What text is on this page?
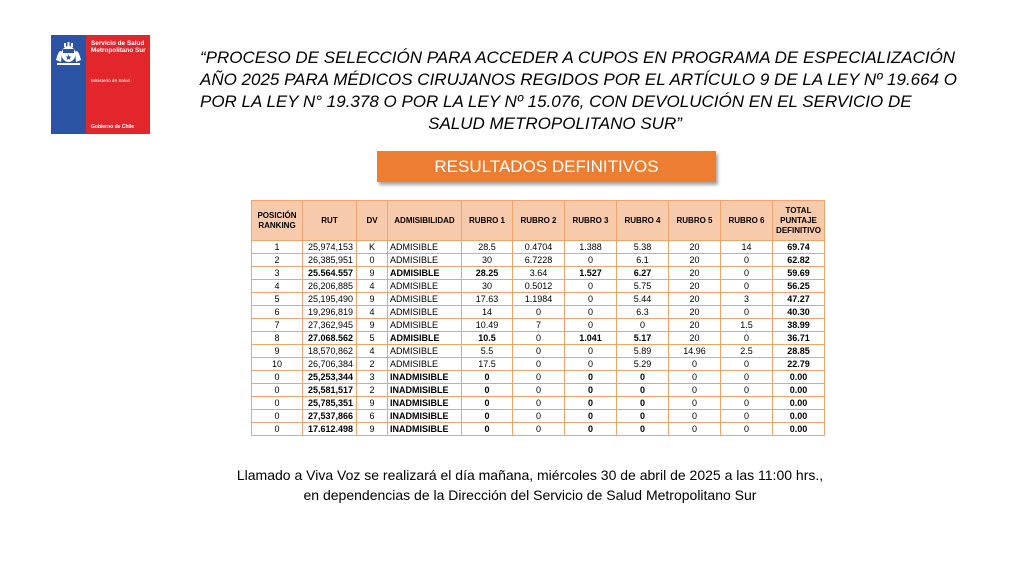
Servicio de Salud Metropolitano Sur
Ministerio de Salud
Gobierno de Chile
“PROCESO DE SELECCIÓN PARA ACCEDER A CUPOS EN PROGRAMA DE ESPECIALIZACIÓN
AÑO 2025 PARA MÉDICOS CIRUJANOS REGIDOS POR EL ARTÍCULO 9 DE LA LEY Nº 19.664 O
POR LA LEY N° 19.378 O POR LA LEY Nº 15.076, CON DEVOLUCIÓN EN EL SERVICIO DE
SALUD METROPOLITANO SUR”
RESULTADOS DEFINITIVOS
POSICIÓN RANKING	RUT	DV	ADMISIBILIDAD	RUBRO 1	RUBRO 2	RUBRO 3	RUBRO 4	RUBRO 5	RUBRO 6	TOTAL PUNTAJE DEFINITIVO
1	25,974,153	K	ADMISIBLE	28.5	0.4704	1.388	5.38	20	14	69.74
2	26,385,951	0	ADMISIBLE	30	6.7228	0	6.1	20	0	62.82
3	25.564.557	9	ADMISIBLE	28.25	3.64	1.527	6.27	20	0	59.69
4	26,206,885	4	ADMISIBLE	30	0.5012	0	5.75	20	0	56.25
5	25,195,490	9	ADMISIBLE	17.63	1.1984	0	5.44	20	3	47.27
6	19,296,819	4	ADMISIBLE	14	0	0	6.3	20	0	40.30
7	27,362,945	9	ADMISIBLE	10.49	7	0	0	20	1.5	38.99
8	27.068.562	5	ADMISIBLE	10.5	0	1.041	5.17	20	0	36.71
9	18,570,862	4	ADMISIBLE	5.5	0	0	5.89	14.96	2.5	28.85
10	26,706,384	2	ADMISIBLE	17.5	0	0	5.29	0	0	22.79
0	25,253,344	3	INADMISIBLE	0	0	0	0	0	0	0.00
0	25,581,517	2	INADMISIBLE	0	0	0	0	0	0	0.00
0	25,785,351	9	INADMISIBLE	0	0	0	0	0	0	0.00
0	27,537,866	6	INADMISIBLE	0	0	0	0	0	0	0.00
0	17.612.498	9	INADMISIBLE	0	0	0	0	0	0	0.00
Llamado a Viva Voz se realizará el día mañana, miércoles 30 de abril de 2025 a las 11:00 hrs.,
en dependencias de la Dirección del Servicio de Salud Metropolitano Sur
